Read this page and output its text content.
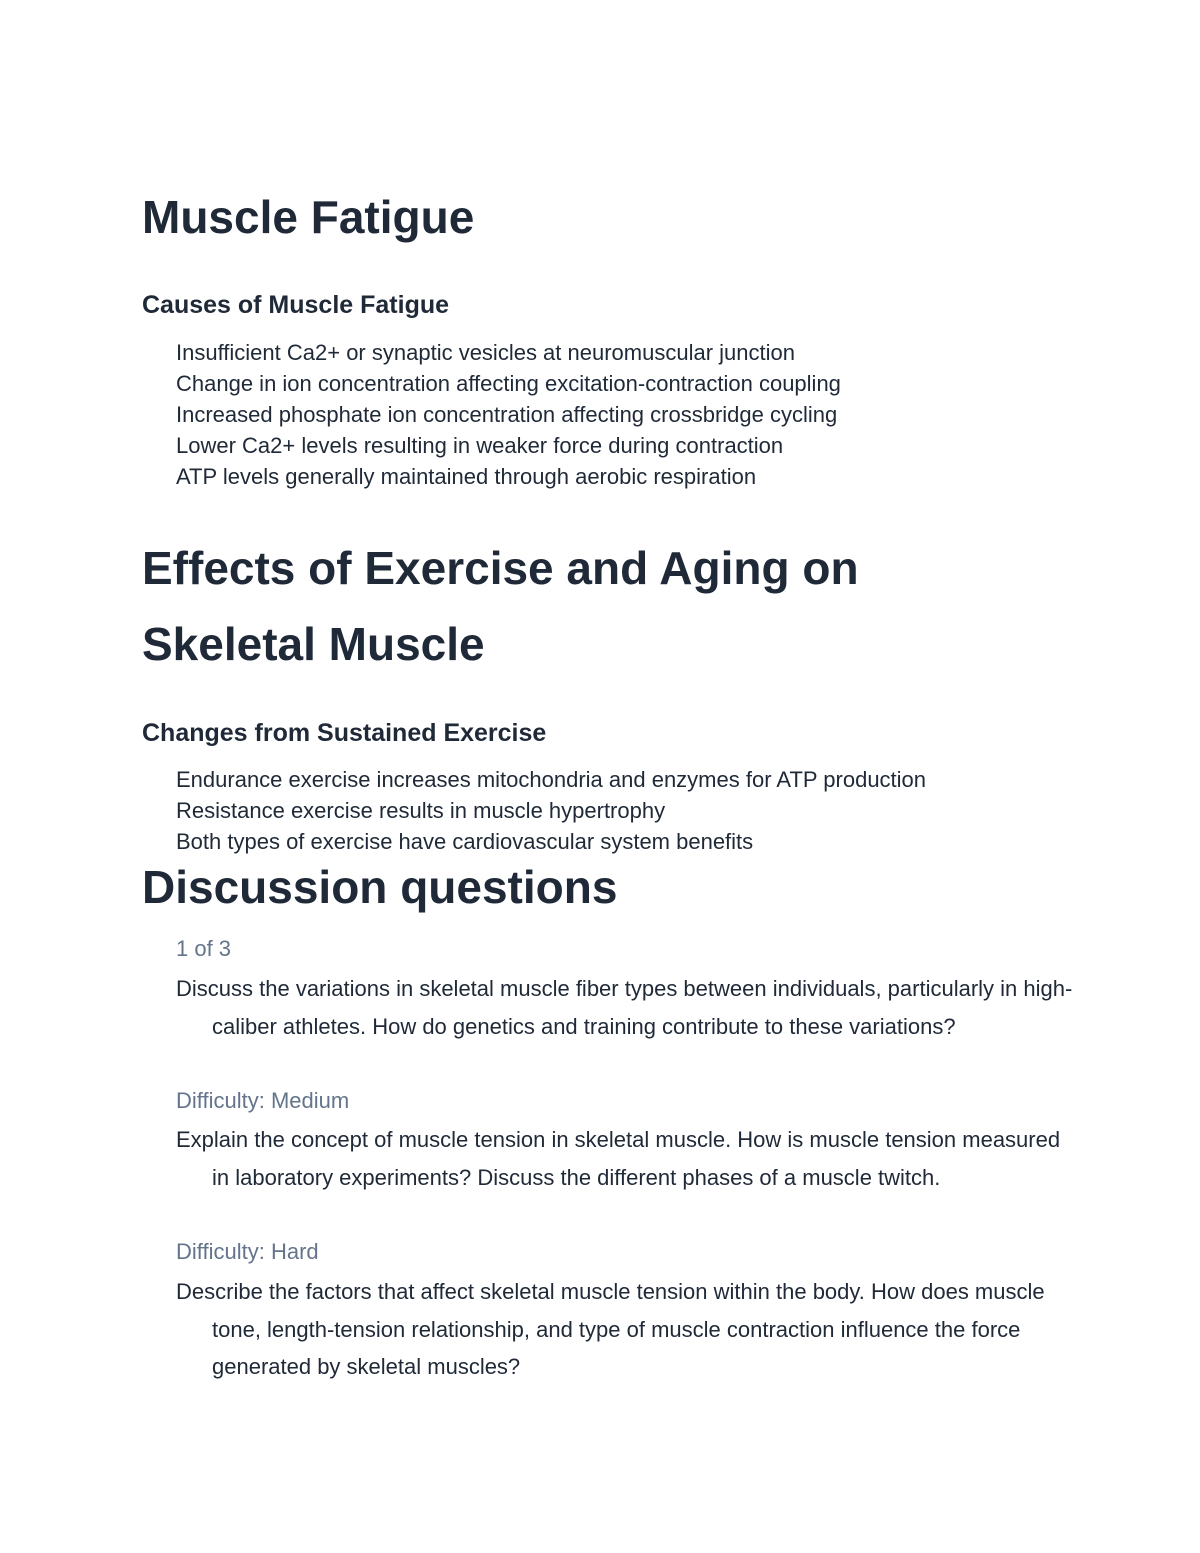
Muscle Fatigue
Causes of Muscle Fatigue
Insufficient Ca2+ or synaptic vesicles at neuromuscular junction
Change in ion concentration affecting excitation-contraction coupling
Increased phosphate ion concentration affecting crossbridge cycling
Lower Ca2+ levels resulting in weaker force during contraction
ATP levels generally maintained through aerobic respiration
Effects of Exercise and Aging on
Skeletal Muscle
Changes from Sustained Exercise
Endurance exercise increases mitochondria and enzymes for ATP production
Resistance exercise results in muscle hypertrophy
Both types of exercise have cardiovascular system benefits
Discussion questions

1 of 3

Discuss the variations in skeletal muscle fiber types between individuals, particularly in high-caliber athletes. How do genetics and training contribute to these variations?

Difficulty: Medium

Explain the concept of muscle tension in skeletal muscle. How is muscle tension measured in laboratory experiments? Discuss the different phases of a muscle twitch.

Difficulty: Hard

Describe the factors that affect skeletal muscle tension within the body. How does muscle tone, length-tension relationship, and type of muscle contraction influence the force generated by skeletal muscles?
